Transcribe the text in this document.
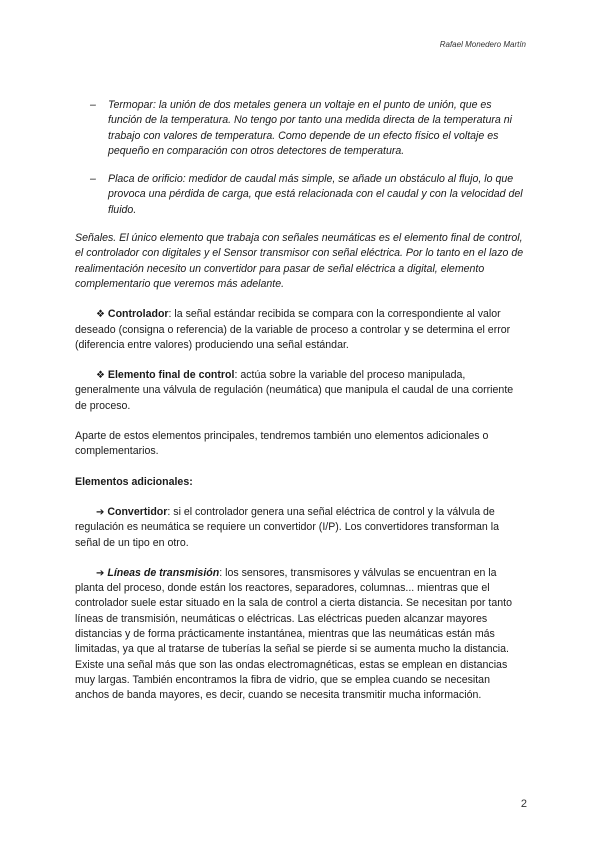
Rafael Monedero Martín
–	Termopar: la unión de dos metales genera un voltaje en el punto de unión, que es función de la temperatura. No tengo por tanto una medida directa de la temperatura ni trabajo con valores de temperatura. Como depende de un efecto físico el voltaje es pequeño en comparación con otros detectores de temperatura.
–	Placa de orificio: medidor de caudal más simple, se añade un obstáculo al flujo, lo que provoca una pérdida de carga, que está relacionada con el caudal y con la velocidad del fluido.

Señales. El único elemento que trabaja con señales neumáticas es el elemento final de control, el controlador con digitales y el Sensor transmisor con señal eléctrica. Por lo tanto en el lazo de realimentación necesito un convertidor para pasar de señal eléctrica a digital, elemento complementario que veremos más adelante.

❖ Controlador: la señal estándar recibida se compara con la correspondiente al valor deseado (consigna o referencia) de la variable de proceso a controlar y se determina el error (diferencia entre valores) produciendo una señal estándar.

❖ Elemento final de control: actúa sobre la variable del proceso manipulada, generalmente una válvula de regulación (neumática) que manipula el caudal de una corriente de proceso.

Aparte de estos elementos principales, tendremos también uno elementos adicionales o complementarios.

Elementos adicionales:

➔ Convertidor: si el controlador genera una señal eléctrica de control y la válvula de regulación es neumática se requiere un convertidor (I/P). Los convertidores transforman la señal de un tipo en otro.

➔ Líneas de transmisión: los sensores, transmisores y válvulas se encuentran en la planta del proceso, donde están los reactores, separadores, columnas... mientras que el controlador suele estar situado en la sala de control a cierta distancia. Se necesitan por tanto líneas de transmisión, neumáticas o eléctricas. Las eléctricas pueden alcanzar mayores distancias y de forma prácticamente instantánea, mientras que las neumáticas están más limitadas, ya que al tratarse de tuberías la señal se pierde si se aumenta mucho la distancia. Existe una señal más que son las ondas electromagnéticas, estas se emplean en distancias muy largas. También encontramos la fibra de vidrio, que se emplea cuando se necesitan anchos de banda mayores, es decir, cuando se necesita transmitir mucha información.

2
